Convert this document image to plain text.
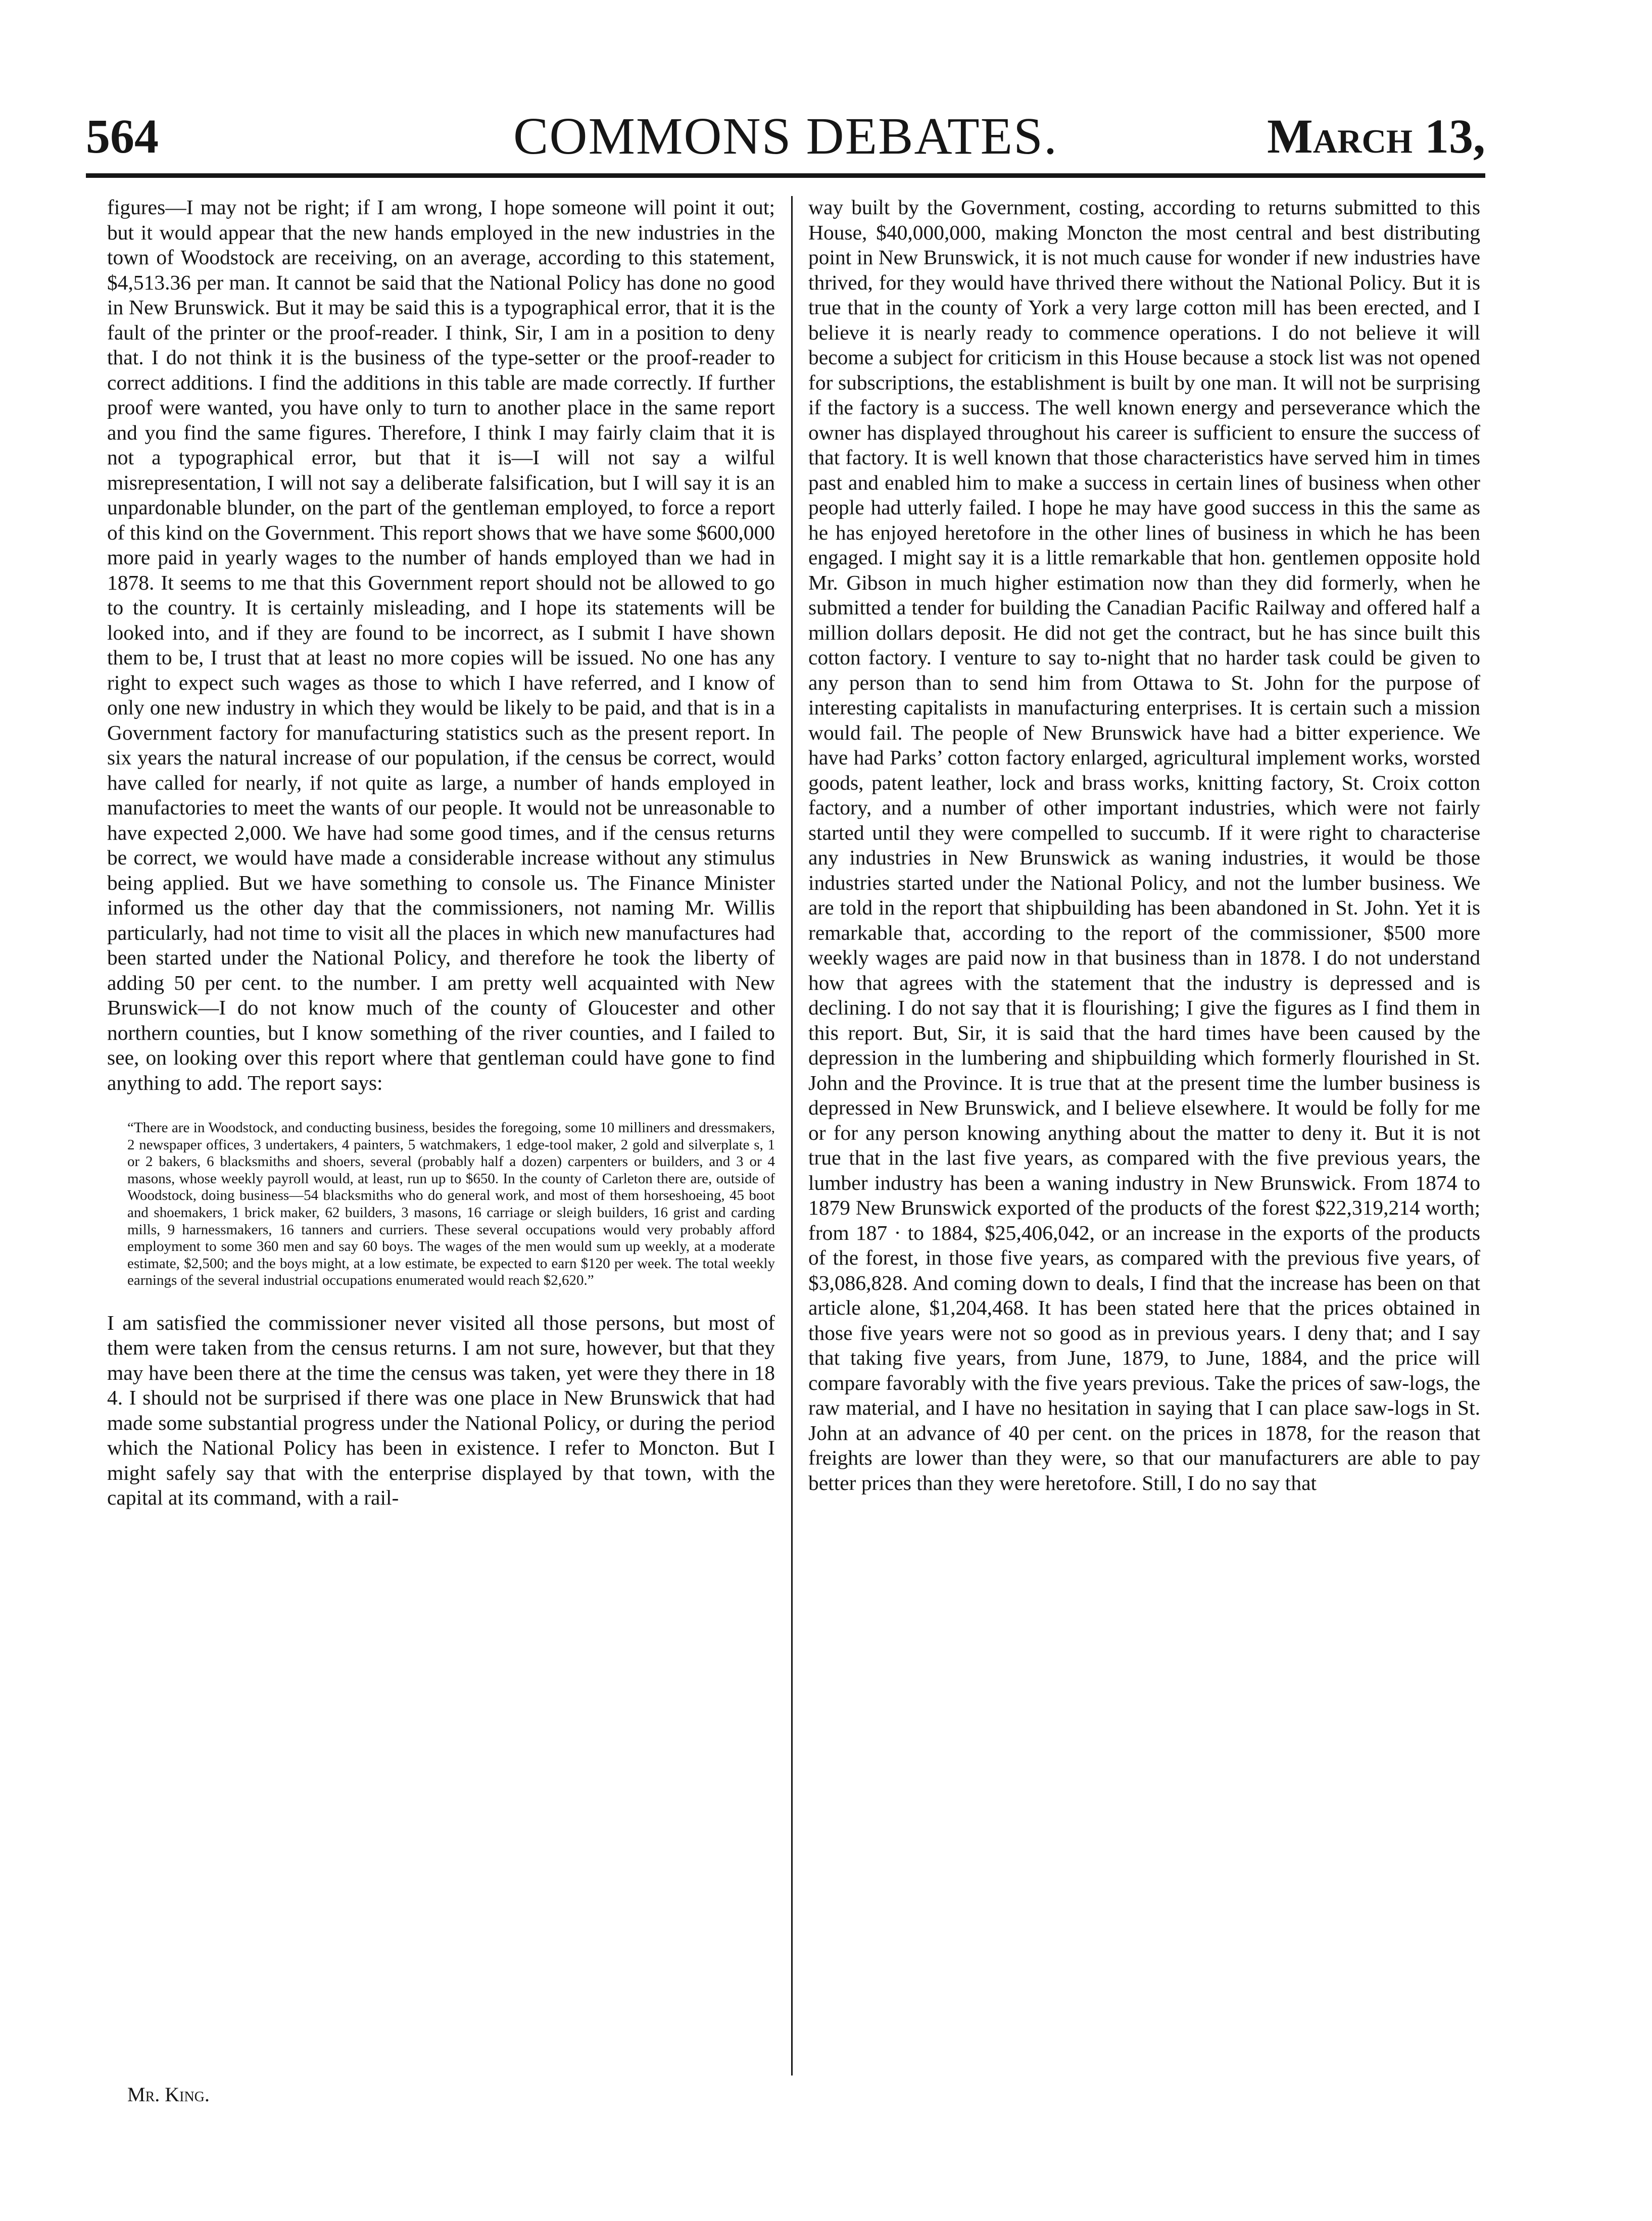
564	COMMONS DEBATES.	March 13,

figures—I may not be right; if I am wrong, I hope someone will point it out; but it would appear that the new hands employed in the new industries in the town of Woodstock are receiving, on an average, according to this statement, $4,513.36 per man. It cannot be said that the National Policy has done no good in New Brunswick. But it may be said this is a typographical error, that it is the fault of the printer or the proof-reader. I think, Sir, I am in a position to deny that. I do not think it is the business of the type-setter or the proof-reader to correct additions. I find the additions in this table are made correctly. If further proof were wanted, you have only to turn to another place in the same report and you find the same figures. Therefore, I think I may fairly claim that it is not a typographical error, but that it is—I will not say a wilful misrepresentation, I will not say a deliberate falsification, but I will say it is an unpardonable blunder, on the part of the gentleman employed, to force a report of this kind on the Government. This report shows that we have some $600,000 more paid in yearly wages to the number of hands employed than we had in 1878. It seems to me that this Government report should not be allowed to go to the country. It is certainly misleading, and I hope its statements will be looked into, and if they are found to be incorrect, as I submit I have shown them to be, I trust that at least no more copies will be issued. No one has any right to expect such wages as those to which I have referred, and I know of only one new industry in which they would be likely to be paid, and that is in a Government factory for manufacturing statistics such as the present report. In six years the natural increase of our population, if the census be correct, would have called for nearly, if not quite as large, a number of hands employed in manufactories to meet the wants of our people. It would not be unreasonable to have expected 2,000. We have had some good times, and if the census returns be correct, we would have made a considerable increase without any stimulus being applied. But we have something to console us. The Finance Minister informed us the other day that the commissioners, not naming Mr. Willis particularly, had not time to visit all the places in which new manufactures had been started under the National Policy, and therefore he took the liberty of adding 50 per cent. to the number. I am pretty well acquainted with New Brunswick—I do not know much of the county of Gloucester and other northern counties, but I know something of the river counties, and I failed to see, on looking over this report where that gentleman could have gone to find anything to add. The report says:

“There are in Woodstock, and conducting business, besides the foregoing, some 10 milliners and dressmakers, 2 newspaper offices, 3 undertakers, 4 painters, 5 watchmakers, 1 edge-tool maker, 2 gold and silverplate s, 1 or 2 bakers, 6 blacksmiths and shoers, several (probably half a dozen) carpenters or builders, and 3 or 4 masons, whose weekly payroll would, at least, run up to $650. In the county of Carleton there are, outside of Woodstock, doing business—54 blacksmiths who do general work, and most of them horseshoeing, 45 boot and shoemakers, 1 brick maker, 62 builders, 3 masons, 16 carriage or sleigh builders, 16 grist and carding mills, 9 harnessmakers, 16 tanners and curriers. These several occupations would very probably afford employment to some 360 men and say 60 boys. The wages of the men would sum up weekly, at a moderate estimate, $2,500; and the boys might, at a low estimate, be expected to earn $120 per week. The total weekly earnings of the several industrial occupations enumerated would reach $2,620.”

I am satisfied the commissioner never visited all those persons, but most of them were taken from the census returns. I am not sure, however, but that they may have been there at the time the census was taken, yet were they there in 18 4. I should not be surprised if there was one place in New Brunswick that had made some substantial progress under the National Policy, or during the period which the National Policy has been in existence. I refer to Moncton. But I might safely say that with the enterprise displayed by that town, with the capital at its command, with a rail-

way built by the Government, costing, according to returns submitted to this House, $40,000,000, making Moncton the most central and best distributing point in New Brunswick, it is not much cause for wonder if new industries have thrived, for they would have thrived there without the National Policy. But it is true that in the county of York a very large cotton mill has been erected, and I believe it is nearly ready to commence operations. I do not believe it will become a subject for criticism in this House because a stock list was not opened for subscriptions, the establishment is built by one man. It will not be surprising if the factory is a success. The well known energy and perseverance which the owner has displayed throughout his career is sufficient to ensure the success of that factory. It is well known that those characteristics have served him in times past and enabled him to make a success in certain lines of business when other people had utterly failed. I hope he may have good success in this the same as he has enjoyed heretofore in the other lines of business in which he has been engaged. I might say it is a little remarkable that hon. gentlemen opposite hold Mr. Gibson in much higher estimation now than they did formerly, when he submitted a tender for building the Canadian Pacific Railway and offered half a million dollars deposit. He did not get the contract, but he has since built this cotton factory. I venture to say to-night that no harder task could be given to any person than to send him from Ottawa to St. John for the purpose of interesting capitalists in manufacturing enterprises. It is certain such a mission would fail. The people of New Brunswick have had a bitter experience. We have had Parks’ cotton factory enlarged, agricultural implement works, worsted goods, patent leather, lock and brass works, knitting factory, St. Croix cotton factory, and a number of other important industries, which were not fairly started until they were compelled to succumb. If it were right to characterise any industries in New Brunswick as waning industries, it would be those industries started under the National Policy, and not the lumber business. We are told in the report that shipbuilding has been abandoned in St. John. Yet it is remarkable that, according to the report of the commissioner, $500 more weekly wages are paid now in that business than in 1878. I do not understand how that agrees with the statement that the industry is depressed and is declining. I do not say that it is flourishing; I give the figures as I find them in this report. But, Sir, it is said that the hard times have been caused by the depression in the lumbering and shipbuilding which formerly flourished in St. John and the Province. It is true that at the present time the lumber business is depressed in New Brunswick, and I believe elsewhere. It would be folly for me or for any person knowing anything about the matter to deny it. But it is not true that in the last five years, as compared with the five previous years, the lumber industry has been a waning industry in New Brunswick. From 1874 to 1879 New Brunswick exported of the products of the forest $22,319,214 worth; from 187 · to 1884, $25,406,042, or an increase in the exports of the products of the forest, in those five years, as compared with the previous five years, of $3,086,828. And coming down to deals, I find that the increase has been on that article alone, $1,204,468. It has been stated here that the prices obtained in those five years were not so good as in previous years. I deny that; and I say that taking five years, from June, 1879, to June, 1884, and the price will compare favorably with the five years previous. Take the prices of saw-logs, the raw material, and I have no hesitation in saying that I can place saw-logs in St. John at an advance of 40 per cent. on the prices in 1878, for the reason that freights are lower than they were, so that our manufacturers are able to pay better prices than they were heretofore. Still, I do no say that

Mr. King.
